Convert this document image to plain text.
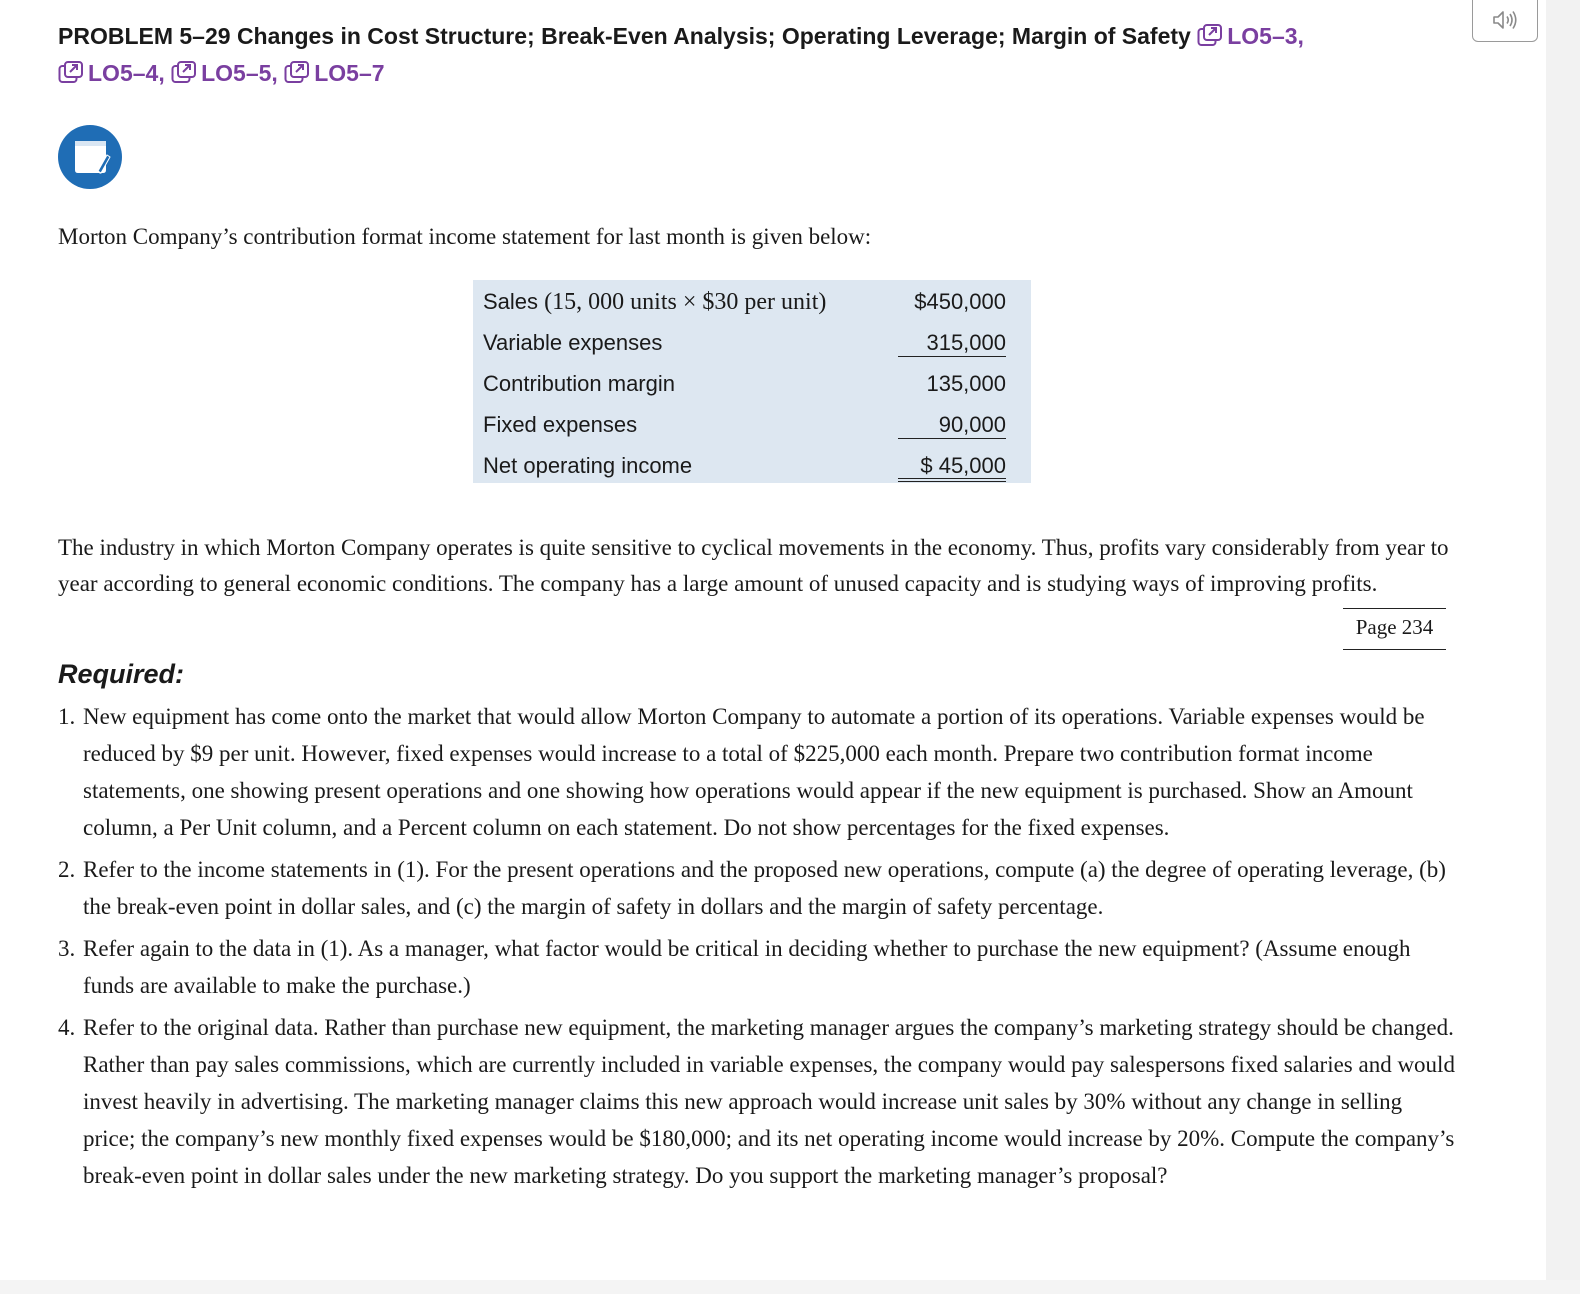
PROBLEM 5–29 Changes in Cost Structure; Break-Even Analysis; Operating Leverage; Margin of Safety LO5–3,
LO5–4, LO5–5, LO5–7
Morton Company’s contribution format income statement for last month is given below:
Sales (15, 000 units × $30 per unit)	$450,000
Variable expenses	315,000
Contribution margin	135,000
Fixed expenses	90,000
Net operating income	$ 45,000
The industry in which Morton Company operates is quite sensitive to cyclical movements in the economy. Thus, profits vary considerably from year to year according to general economic conditions. The company has a large amount of unused capacity and is studying ways of improving profits.
Page 234
Required:
1. New equipment has come onto the market that would allow Morton Company to automate a portion of its operations. Variable expenses would be reduced by $9 per unit. However, fixed expenses would increase to a total of $225,000 each month. Prepare two contribution format income statements, one showing present operations and one showing how operations would appear if the new equipment is purchased. Show an Amount column, a Per Unit column, and a Percent column on each statement. Do not show percentages for the fixed expenses.
2. Refer to the income statements in (1). For the present operations and the proposed new operations, compute (a) the degree of operating leverage, (b) the break-even point in dollar sales, and (c) the margin of safety in dollars and the margin of safety percentage.
3. Refer again to the data in (1). As a manager, what factor would be critical in deciding whether to purchase the new equipment? (Assume enough funds are available to make the purchase.)
4. Refer to the original data. Rather than purchase new equipment, the marketing manager argues the company’s marketing strategy should be changed. Rather than pay sales commissions, which are currently included in variable expenses, the company would pay salespersons fixed salaries and would invest heavily in advertising. The marketing manager claims this new approach would increase unit sales by 30% without any change in selling price; the company’s new monthly fixed expenses would be $180,000; and its net operating income would increase by 20%. Compute the company’s break-even point in dollar sales under the new marketing strategy. Do you support the marketing manager’s proposal?
